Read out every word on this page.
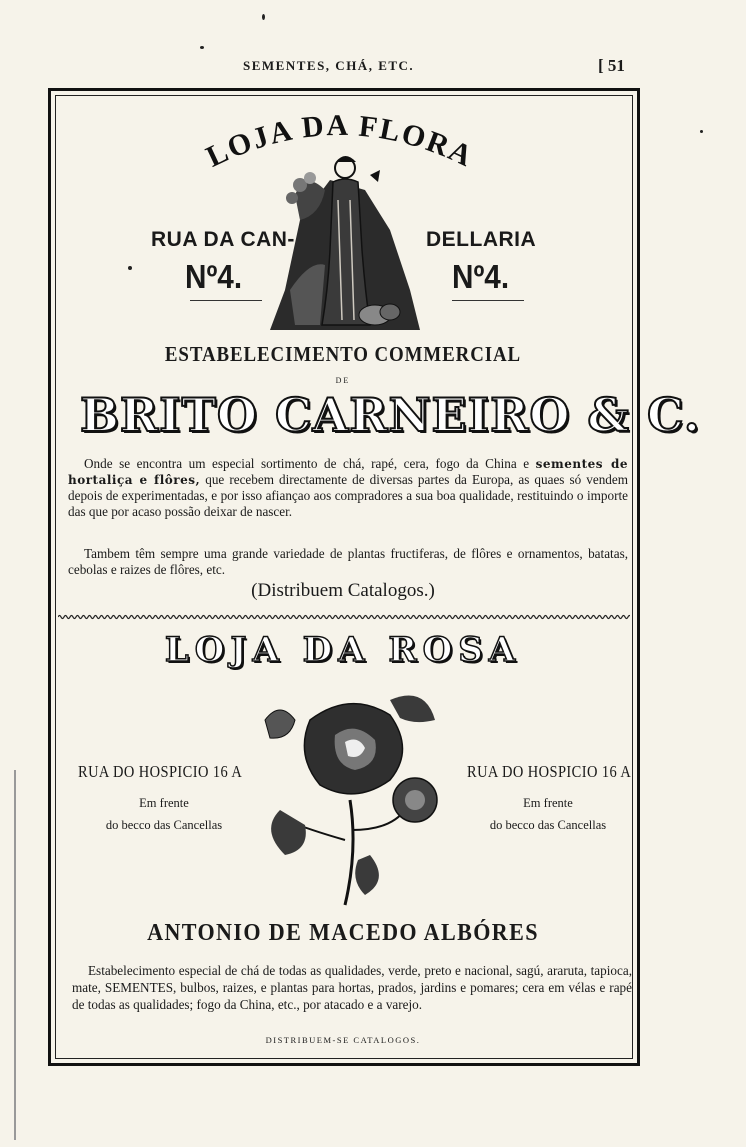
SEMENTES, CHÁ, ETC.	[ 51
LOJA DA FLORA
RUA DA CAN-	DELLARIA
Nº4.	Nº4.
ESTABELECIMENTO COMMERCIAL
DE
BRITO CARNEIRO & C.
Onde se encontra um especial sortimento de chá, rapé, cera, fogo da China e sementes de hortaliça e flôres, que recebem directamente de diversas partes da Europa, as quaes só vendem depois de experimentadas, e por isso afiançao aos compradores a sua boa qualidade, restituindo o importe das que por acaso possão deixar de nascer.
Tambem têm sempre uma grande variedade de plantas fructiferas, de flôres e ornamentos, batatas, cebolas e raizes de flôres, etc.
(Distribuem Catalogos.)
LOJA DA ROSA
RUA DO HOSPICIO 16 A	RUA DO HOSPICIO 16 A
Em frente
do becco das Cancellas
Em frente
do becco das Cancellas
ANTONIO DE MACEDO ALBÓRES
Estabelecimento especial de chá de todas as qualidades, verde, preto e nacional, sagú, araruta, tapioca, mate, SEMENTES, bulbos, raizes, e plantas para hortas, prados, jardins e pomares; cera em vélas e rapé de todas as qualidades; fogo da China, etc., por atacado e a varejo.
DISTRIBUEM-SE CATALOGOS.
